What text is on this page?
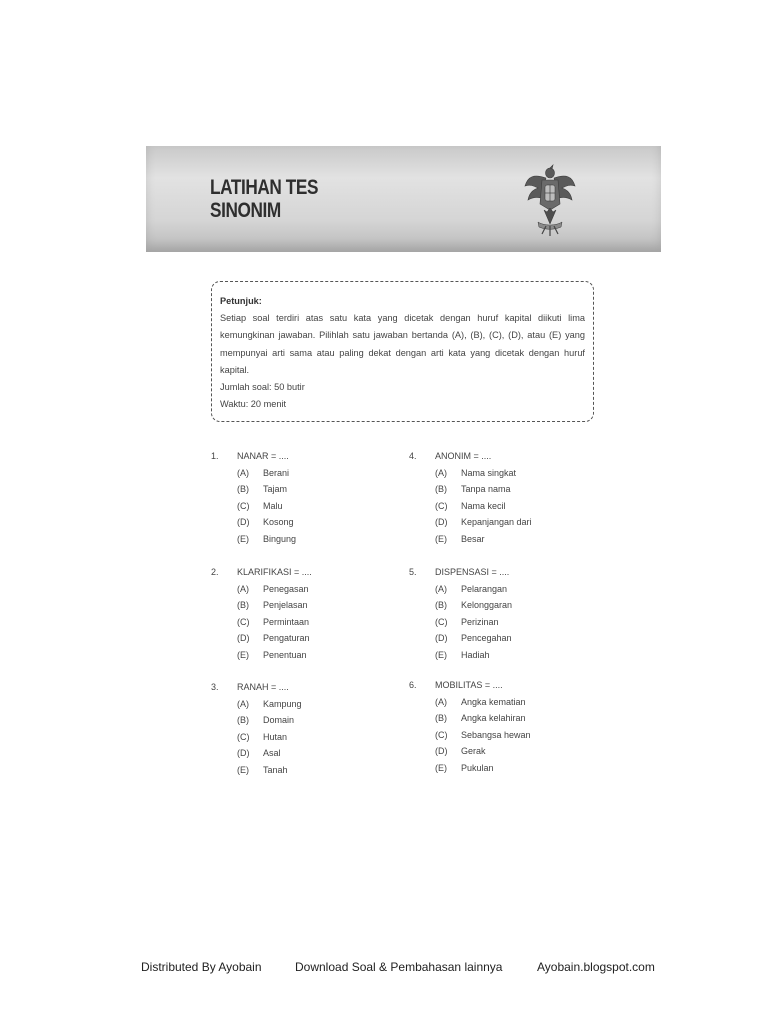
LATIHAN TES
SINONIM
Petunjuk:
Setiap soal terdiri atas satu kata yang dicetak dengan huruf kapital diikuti lima kemungkinan jawaban. Pilihlah satu jawaban bertanda (A), (B), (C), (D), atau (E) yang mempunyai arti sama atau paling dekat dengan arti kata yang dicetak dengan huruf kapital.
Jumlah soal: 50 butir
Waktu: 20 menit
1.	NANAR = ....
(A)	Berani
(B)	Tajam
(C)	Malu
(D)	Kosong
(E)	Bingung
2.	KLARIFIKASI = ....
(A)	Penegasan
(B)	Penjelasan
(C)	Permintaan
(D)	Pengaturan
(E)	Penentuan
3.	RANAH = ....
(A)	Kampung
(B)	Domain
(C)	Hutan
(D)	Asal
(E)	Tanah
4.	ANONIM = ....
(A)	Nama singkat
(B)	Tanpa nama
(C)	Nama kecil
(D)	Kepanjangan dari
(E)	Besar
5.	DISPENSASI = ....
(A)	Pelarangan
(B)	Kelonggaran
(C)	Perizinan
(D)	Pencegahan
(E)	Hadiah
6.	MOBILITAS = ....
(A)	Angka kematian
(B)	Angka kelahiran
(C)	Sebangsa hewan
(D)	Gerak
(E)	Pukulan
Distributed By Ayobain	Download Soal & Pembahasan lainnya	Ayobain.blogspot.com
